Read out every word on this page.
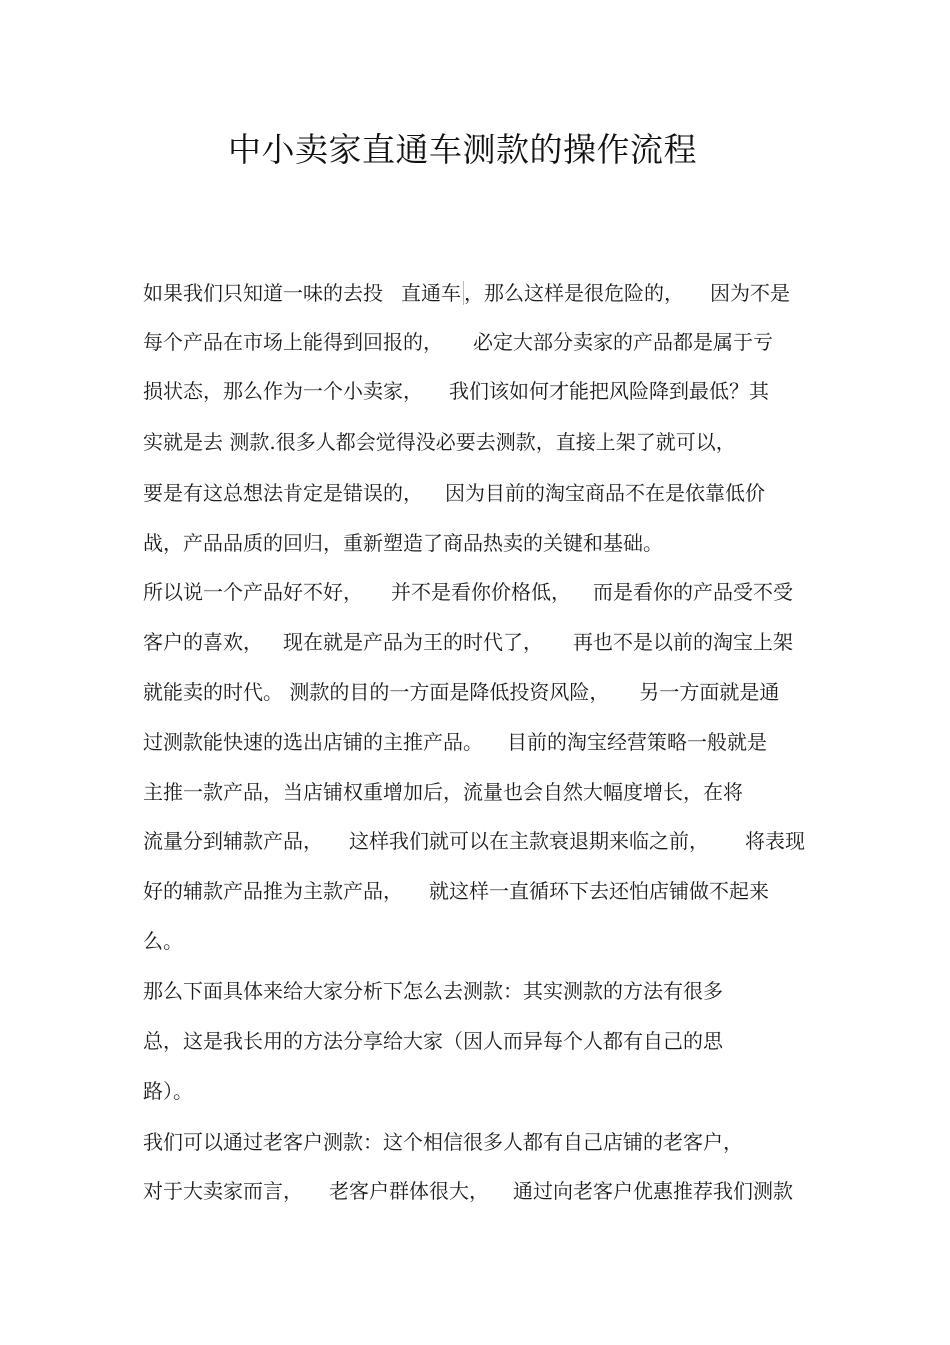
中小卖家直通车测款的操作流程
如果我们只知道一味的去投 直通车 ，那么这样是很危险的， 因为不是
每个产品在市场上能得到回报的， 必定大部分卖家的产品都是属于亏
损状态，那么作为一个小卖家， 我们该如何才能把风险降到最低？其
实就是去 测款.很多人都会觉得没必要去测款，直接上架了就可以，
要是有这总想法肯定是错误的， 因为目前的淘宝商品不在是依靠低价
战，产品品质的回归，重新塑造了商品热卖的关键和基础。
所以说一个产品好不好， 并不是看你价格低， 而是看你的产品受不受
客户的喜欢， 现在就是产品为王的时代了， 再也不是以前的淘宝上架
就能卖的时代。 测款的目的一方面是降低投资风险， 另一方面就是通
过测款能快速的选出店铺的主推产品。 目前的淘宝经营策略一般就是
主推一款产品，当店铺权重增加后，流量也会自然大幅度增长，在将
流量分到辅款产品， 这样我们就可以在主款衰退期来临之前， 将表现
好的辅款产品推为主款产品， 就这样一直循环下去还怕店铺做不起来
么。
那么下面具体来给大家分析下怎么去测款：其实测款的方法有很多
总，这是我长用的方法分享给大家（因人而异每个人都有自己的思
路）。
我们可以通过老客户测款：这个相信很多人都有自己店铺的老客户，
对于大卖家而言， 老客户群体很大， 通过向老客户优惠推荐我们测款
